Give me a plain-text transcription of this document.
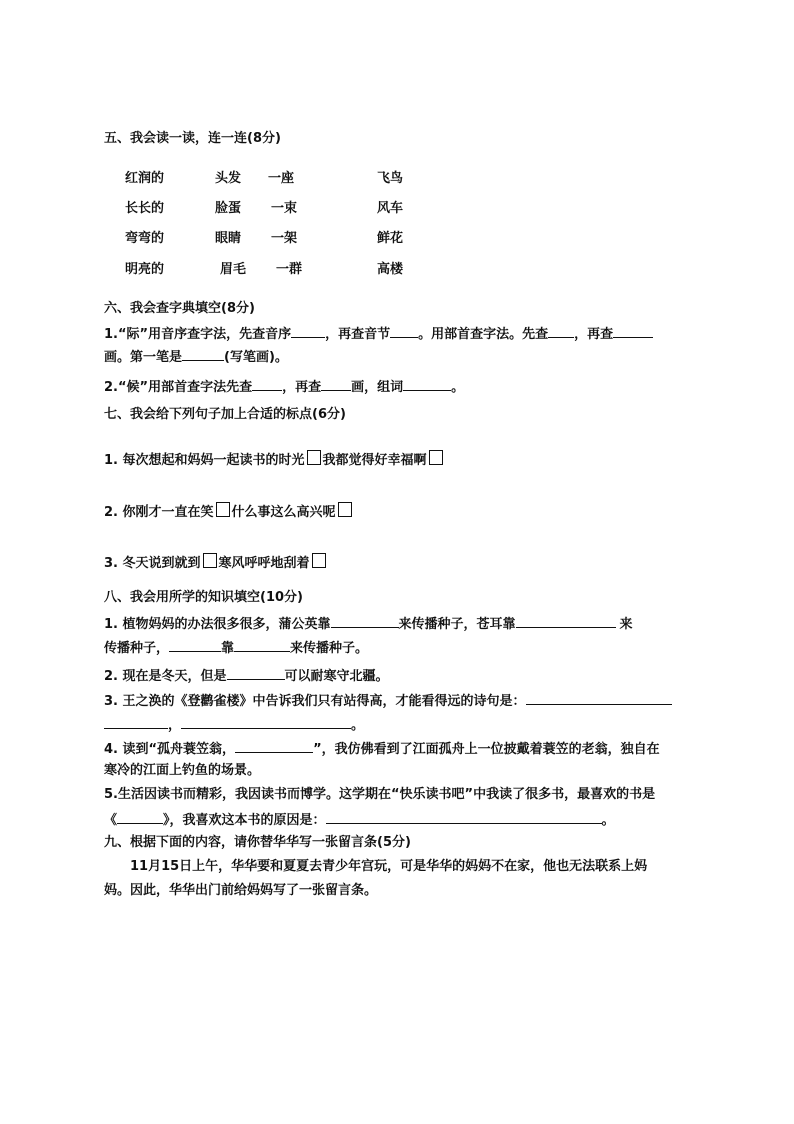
五、我会读一读，连一连(8分)
红润的	头发 一座	飞鸟
长长的	脸蛋 一束	风车
弯弯的	眼睛 一架	鲜花
明亮的	眉毛 一群	高楼
六、我会查字典填空(8分)
1.“际”用音序查字法，先查音序	，再查音节 。用部首查字法。先查 ，再查
画。第一笔是	(写笔画)。
2.“候”用部首查字法先查 ，再查 画，组词	。
七、我会给下列句子加上合适的标点(6分)
1. 每次想起和妈妈一起读书的时光 我都觉得好幸福啊
2. 你刚才一直在笑 什么事这么高兴呢
3. 冬天说到就到 寒风呼呼地刮着
八、我会用所学的知识填空(10分)
1. 植物妈妈的办法很多很多，蒲公英靠	来传播种子，苍耳靠	来
传播种子，	靠	来传播种子。
2. 现在是冬天，但是	可以耐寒守北疆。
3. 王之涣的《登鹳雀楼》中告诉我们只有站得高，才能看得远的诗句是：
，	。
4. 读到“孤舟蓑笠翁，	”，我仿佛看到了江面孤舟上一位披戴着蓑笠的老翁，独自在
寒冷的江面上钓鱼的场景。
5.生活因读书而精彩，我因读书而博学。这学期在“快乐读书吧”中我读了很多书，最喜欢的书是
《	》，我喜欢这本书的原因是：	。
九、根据下面的内容，请你替华华写一张留言条(5分)
11月15日上午，华华要和夏夏去青少年宫玩，可是华华的妈妈不在家，他也无法联系上妈
妈。因此，华华出门前给妈妈写了一张留言条。
